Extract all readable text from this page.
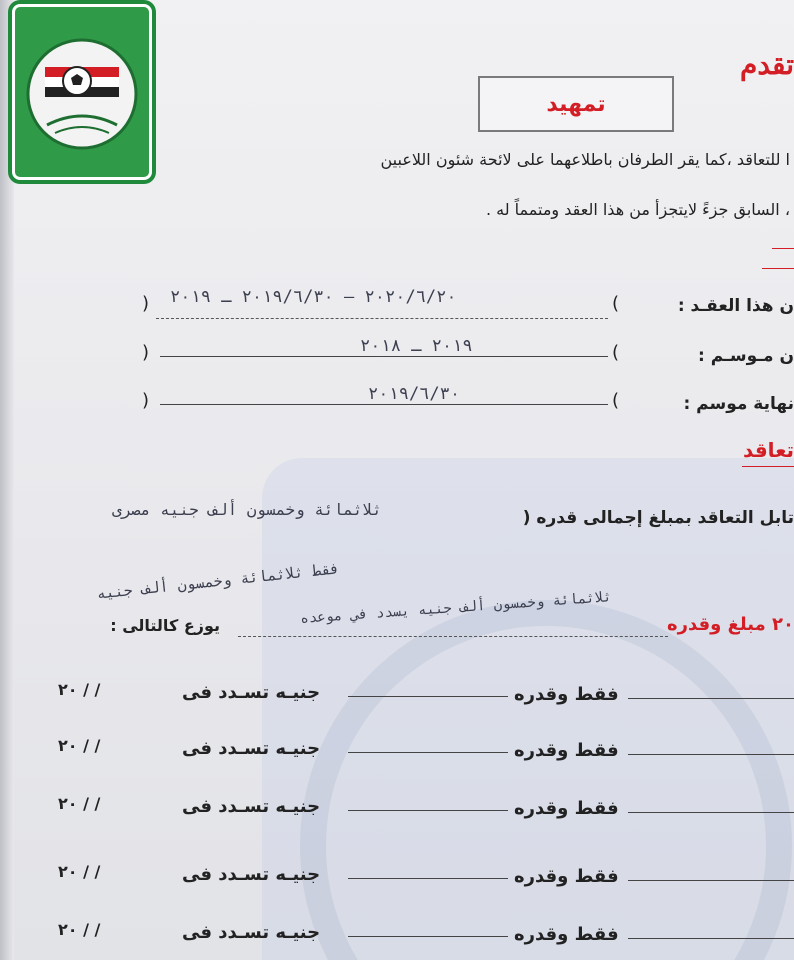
تقدم
تمهيد
ا للتعاقد ،كما يقر الطرفان باطلاعهما على لائحة شئون اللاعبين
، السابق جزءً لايتجزأ من هذا العقد ومتمماً له .
ن هذا العقـد :
(
) ٢٠٢٠/٦/٢٠ — ٢٠١٩/٦/٣٠ ـ ٢٠١٩
ن مـوسـم :
(
)	٢٠١٩ ـ ٢٠١٨
نهاية موسم :
(
)	٢٠١٩/٦/٣٠
تعاقد
تابل التعاقد بمبلغ إجمالى قدره (
ثلاثمائة وخمسون ألف جنيه مصرى
فقط ثلاثمائة وخمسون ألف جنيه
٢٠ مبلغ وقدره
ثلاثمائة وخمسون ألف جنيه يسدد في موعده
يوزع كالتالى :
فقط وقدره
جنيـه تسـدد فى
٢٠ / /
فقط وقدره
جنيـه تسـدد فى
٢٠ / /
فقط وقدره
جنيـه تسـدد فى
٢٠ / /
فقط وقدره
جنيـه تسـدد فى
٢٠ / /
فقط وقدره
جنيـه تسـدد فى
٢٠ / /
